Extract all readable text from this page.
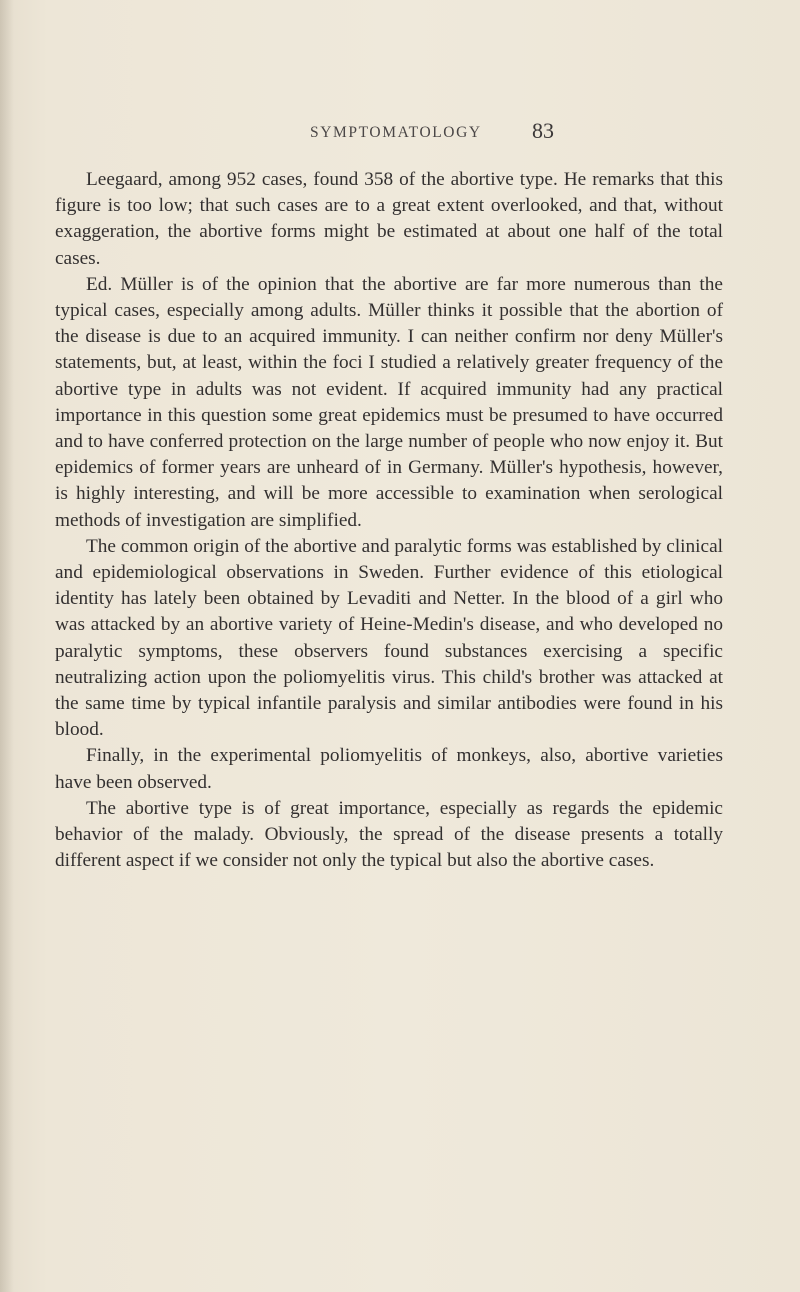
SYMPTOMATOLOGY 83

Leegaard, among 952 cases, found 358 of the abortive type. He remarks that this figure is too low; that such cases are to a great extent overlooked, and that, without exaggeration, the abortive forms might be estimated at about one half of the total cases.

Ed. Müller is of the opinion that the abortive are far more numerous than the typical cases, especially among adults. Müller thinks it possible that the abortion of the disease is due to an acquired immunity. I can neither confirm nor deny Müller's statements, but, at least, within the foci I studied a relatively greater frequency of the abortive type in adults was not evident. If acquired immunity had any practical importance in this question some great epidemics must be presumed to have occurred and to have conferred protection on the large number of people who now enjoy it. But epidemics of former years are unheard of in Germany. Müller's hypothesis, however, is highly interesting, and will be more accessible to examination when serological methods of investigation are simplified.

The common origin of the abortive and paralytic forms was established by clinical and epidemiological observations in Sweden. Further evidence of this etiological identity has lately been obtained by Levaditi and Netter. In the blood of a girl who was attacked by an abortive variety of Heine-Medin's disease, and who developed no paralytic symptoms, these observers found substances exercising a specific neutralizing action upon the poliomyelitis virus. This child's brother was attacked at the same time by typical infantile paralysis and similar antibodies were found in his blood.

Finally, in the experimental poliomyelitis of monkeys, also, abortive varieties have been observed.

The abortive type is of great importance, especially as regards the epidemic behavior of the malady. Obviously, the spread of the disease presents a totally different aspect if we consider not only the typical but also the abortive cases.
